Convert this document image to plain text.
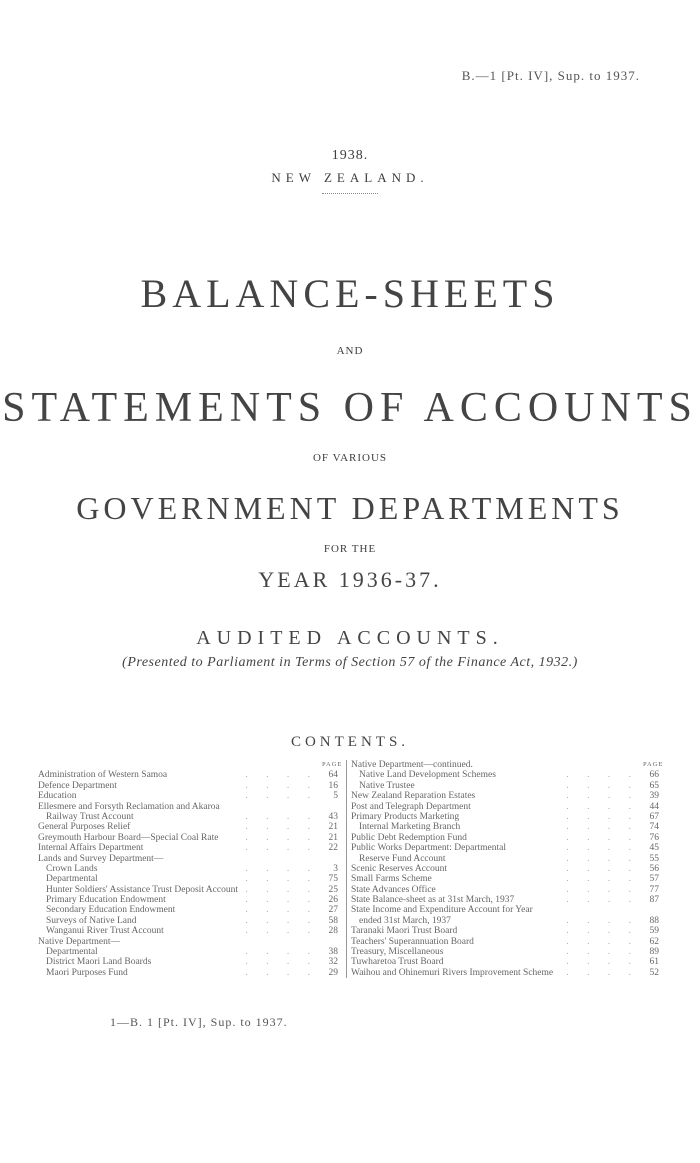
B.—1 [Pt. IV], Sup. to 1937.
1938.
NEW ZEALAND.
BALANCE-SHEETS
AND
STATEMENTS OF ACCOUNTS
OF VARIOUS
GOVERNMENT DEPARTMENTS
FOR THE
YEAR 1936-37.
AUDITED ACCOUNTS.
(Presented to Parliament in Terms of Section 57 of the Finance Act, 1932.)
CONTENTS.
PAGE
. . . .
Administration of Western Samoa	64
. . . .
Defence Department	16
. . . .
Education	5
Ellesmere and Forsyth Reclamation and Akaroa
. . . .
Railway Trust Account	43
. . . .
General Purposes Relief	21
. . . .
Greymouth Harbour Board—Special Coal Rate	21
. . . .
Internal Affairs Department	22
Lands and Survey Department—
. . . .
Crown Lands	3
. . . .
Departmental	75
. . . .
Hunter Soldiers' Assistance Trust Deposit Account	25
. . . .
Primary Education Endowment	26
. . . .
Secondary Education Endowment	27
. . . .
Surveys of Native Land	58
. . . .
Wanganui River Trust Account	28
Native Department—
. . . .
Departmental	38
. . . .
District Maori Land Boards	32
. . . .
Maori Purposes Fund	29
Native Department—continued.	PAGE
. . . .
Native Land Development Schemes	66
. . . .
Native Trustee	65
. . . .
New Zealand Reparation Estates	39
. . . .
Post and Telegraph Department	44
. . . .
Primary Products Marketing	67
. . . .
Internal Marketing Branch	74
. . . .
Public Debt Redemption Fund	76
. . . .
Public Works Department: Departmental	45
. . . .
Reserve Fund Account	55
. . . .
Scenic Reserves Account	56
. . . .
Small Farms Scheme	57
. . . .
State Advances Office	77
. . . .
State Balance-sheet as at 31st March, 1937	87
State Income and Expenditure Account for Year
. . . .
ended 31st March, 1937	88
. . . .
Taranaki Maori Trust Board	59
. . . .
Teachers' Superannuation Board	62
. . . .
Treasury, Miscellaneous	89
. . . .
Tuwharetoa Trust Board	61
. . . .
Waihou and Ohinemuri Rivers Improvement Scheme	52
1—B. 1 [Pt. IV], Sup. to 1937.
